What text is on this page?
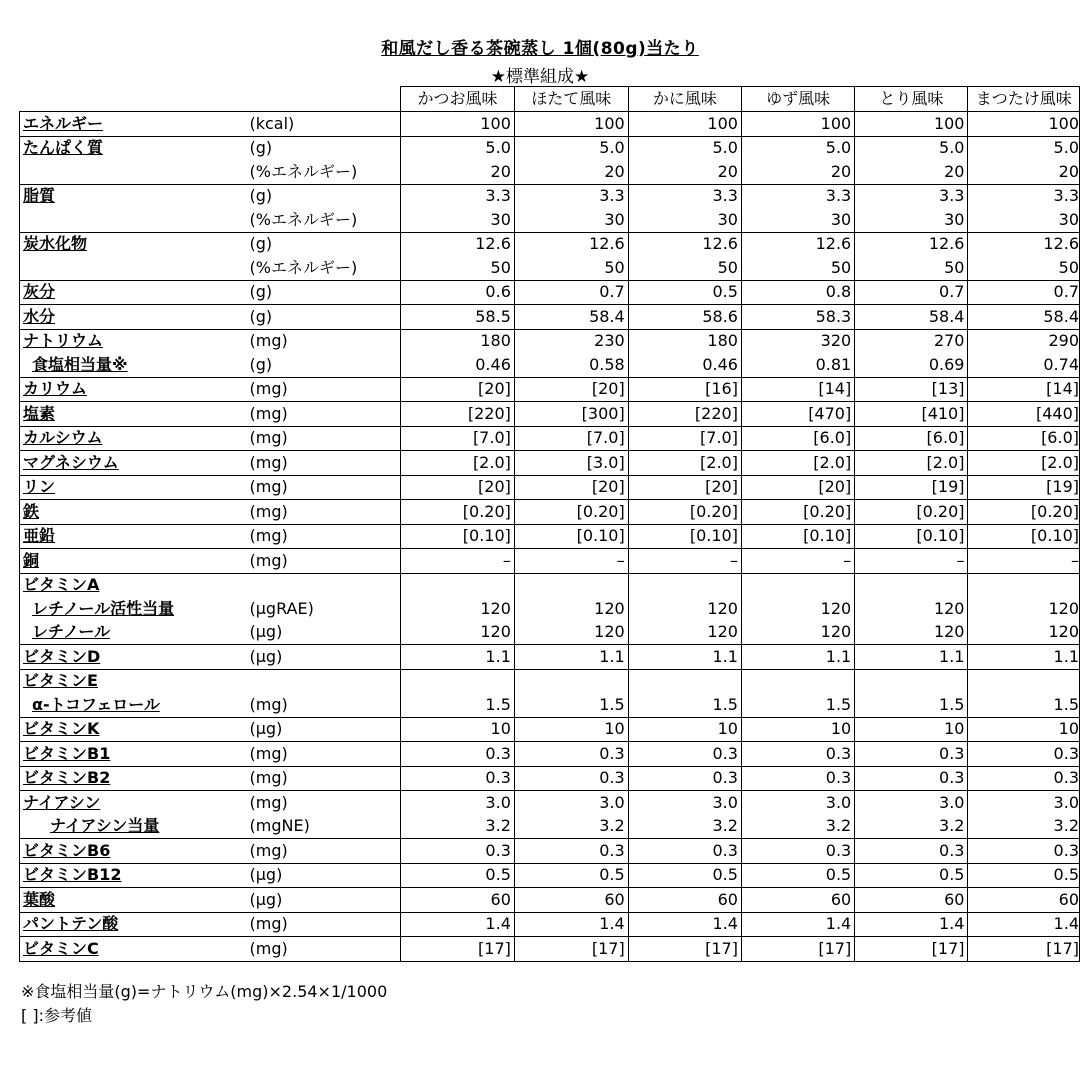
和風だし香る茶碗蒸し 1個(80g)当たり
★標準組成★
		かつお風味	ほたて風味	かに風味	ゆず風味	とり風味	まつたけ風味
エネルギー	(kcal)	100	100	100	100	100	100
たんぱく質	(g)	5.0	5.0	5.0	5.0	5.0	5.0
	(%エネルギー)	20	20	20	20	20	20
脂質	(g)	3.3	3.3	3.3	3.3	3.3	3.3
	(%エネルギー)	30	30	30	30	30	30
炭水化物	(g)	12.6	12.6	12.6	12.6	12.6	12.6
	(%エネルギー)	50	50	50	50	50	50
灰分	(g)	0.6	0.7	0.5	0.8	0.7	0.7
水分	(g)	58.5	58.4	58.6	58.3	58.4	58.4
ナトリウム	(mg)	180	230	180	320	270	290
食塩相当量※	(g)	0.46	0.58	0.46	0.81	0.69	0.74
カリウム	(mg)	[20]	[20]	[16]	[14]	[13]	[14]
塩素	(mg)	[220]	[300]	[220]	[470]	[410]	[440]
カルシウム	(mg)	[7.0]	[7.0]	[7.0]	[6.0]	[6.0]	[6.0]
マグネシウム	(mg)	[2.0]	[3.0]	[2.0]	[2.0]	[2.0]	[2.0]
リン	(mg)	[20]	[20]	[20]	[20]	[19]	[19]
鉄	(mg)	[0.20]	[0.20]	[0.20]	[0.20]	[0.20]	[0.20]
亜鉛	(mg)	[0.10]	[0.10]	[0.10]	[0.10]	[0.10]	[0.10]
銅	(mg)	–	–	–	–	–	–
ビタミンA							
レチノール活性当量	(μgRAE)	120	120	120	120	120	120
レチノール	(μg)	120	120	120	120	120	120
ビタミンD	(μg)	1.1	1.1	1.1	1.1	1.1	1.1
ビタミンE							
α-トコフェロール	(mg)	1.5	1.5	1.5	1.5	1.5	1.5
ビタミンK	(μg)	10	10	10	10	10	10
ビタミンB1	(mg)	0.3	0.3	0.3	0.3	0.3	0.3
ビタミンB2	(mg)	0.3	0.3	0.3	0.3	0.3	0.3
ナイアシン	(mg)	3.0	3.0	3.0	3.0	3.0	3.0
ナイアシン当量	(mgNE)	3.2	3.2	3.2	3.2	3.2	3.2
ビタミンB6	(mg)	0.3	0.3	0.3	0.3	0.3	0.3
ビタミンB12	(μg)	0.5	0.5	0.5	0.5	0.5	0.5
葉酸	(μg)	60	60	60	60	60	60
パントテン酸	(mg)	1.4	1.4	1.4	1.4	1.4	1.4
ビタミンC	(mg)	[17]	[17]	[17]	[17]	[17]	[17]
※食塩相当量(g)=ナトリウム(mg)×2.54×1/1000
[ ]:参考値
